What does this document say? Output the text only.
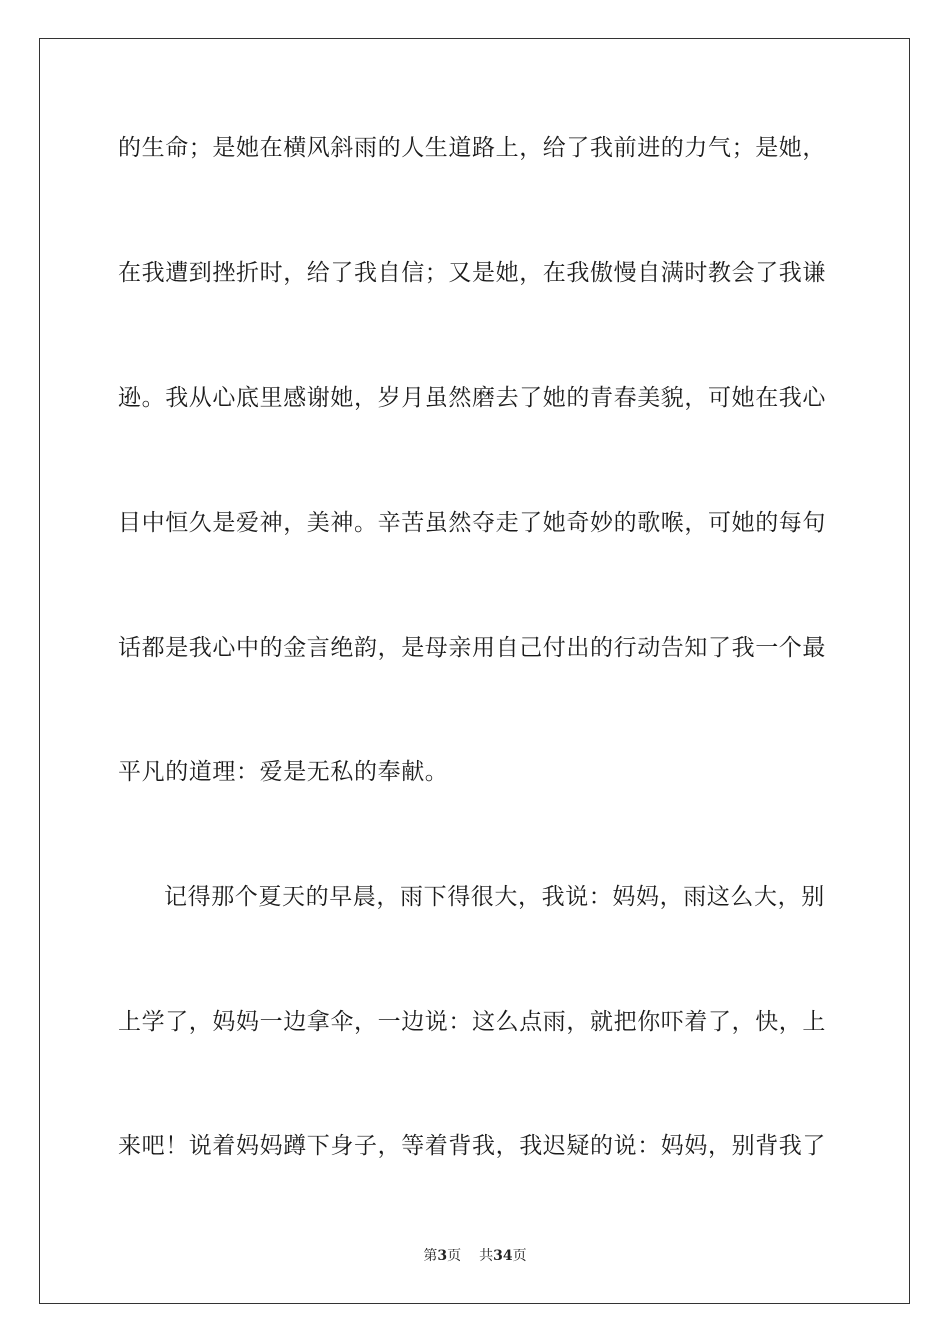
的生命；是她在横风斜雨的人生道路上，给了我前进的力气；是她，
在我遭到挫折时，给了我自信；又是她，在我傲慢自满时教会了我谦
逊。我从心底里感谢她，岁月虽然磨去了她的青春美貌，可她在我心
目中恒久是爱神，美神。辛苦虽然夺走了她奇妙的歌喉，可她的每句
话都是我心中的金言绝韵，是母亲用自己付出的行动告知了我一个最
平凡的道理：爱是无私的奉献。
记得那个夏天的早晨，雨下得很大，我说：妈妈，雨这么大，别
上学了，妈妈一边拿伞，一边说：这么点雨，就把你吓着了，快，上
来吧！说着妈妈蹲下身子，等着背我，我迟疑的说：妈妈，别背我了
第3页 共34页
